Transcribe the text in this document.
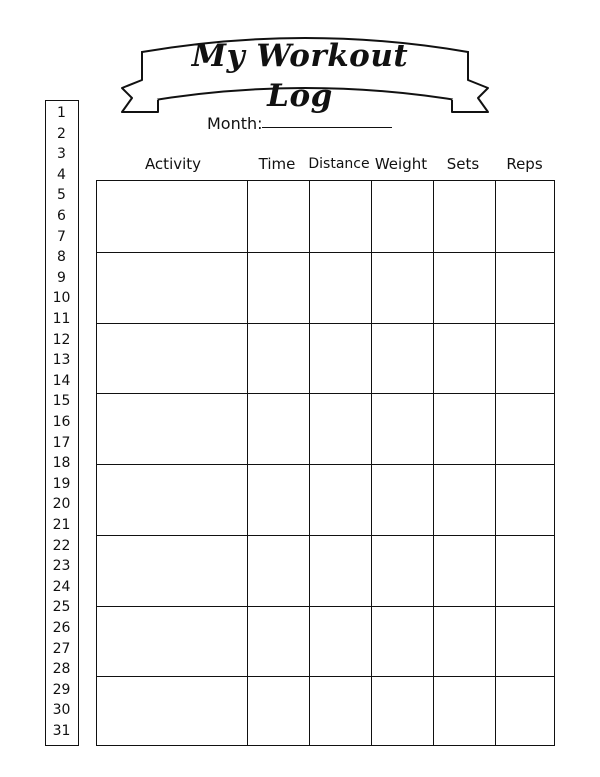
My Workout Log
Month:
1
2
3
4
5
6
7
8
9
10
11
12
13
14
15
16
17
18
19
20
21
22
23
24
25
26
27
28
29
30
31
Activity	Time Distance Weight	Sets	Reps
